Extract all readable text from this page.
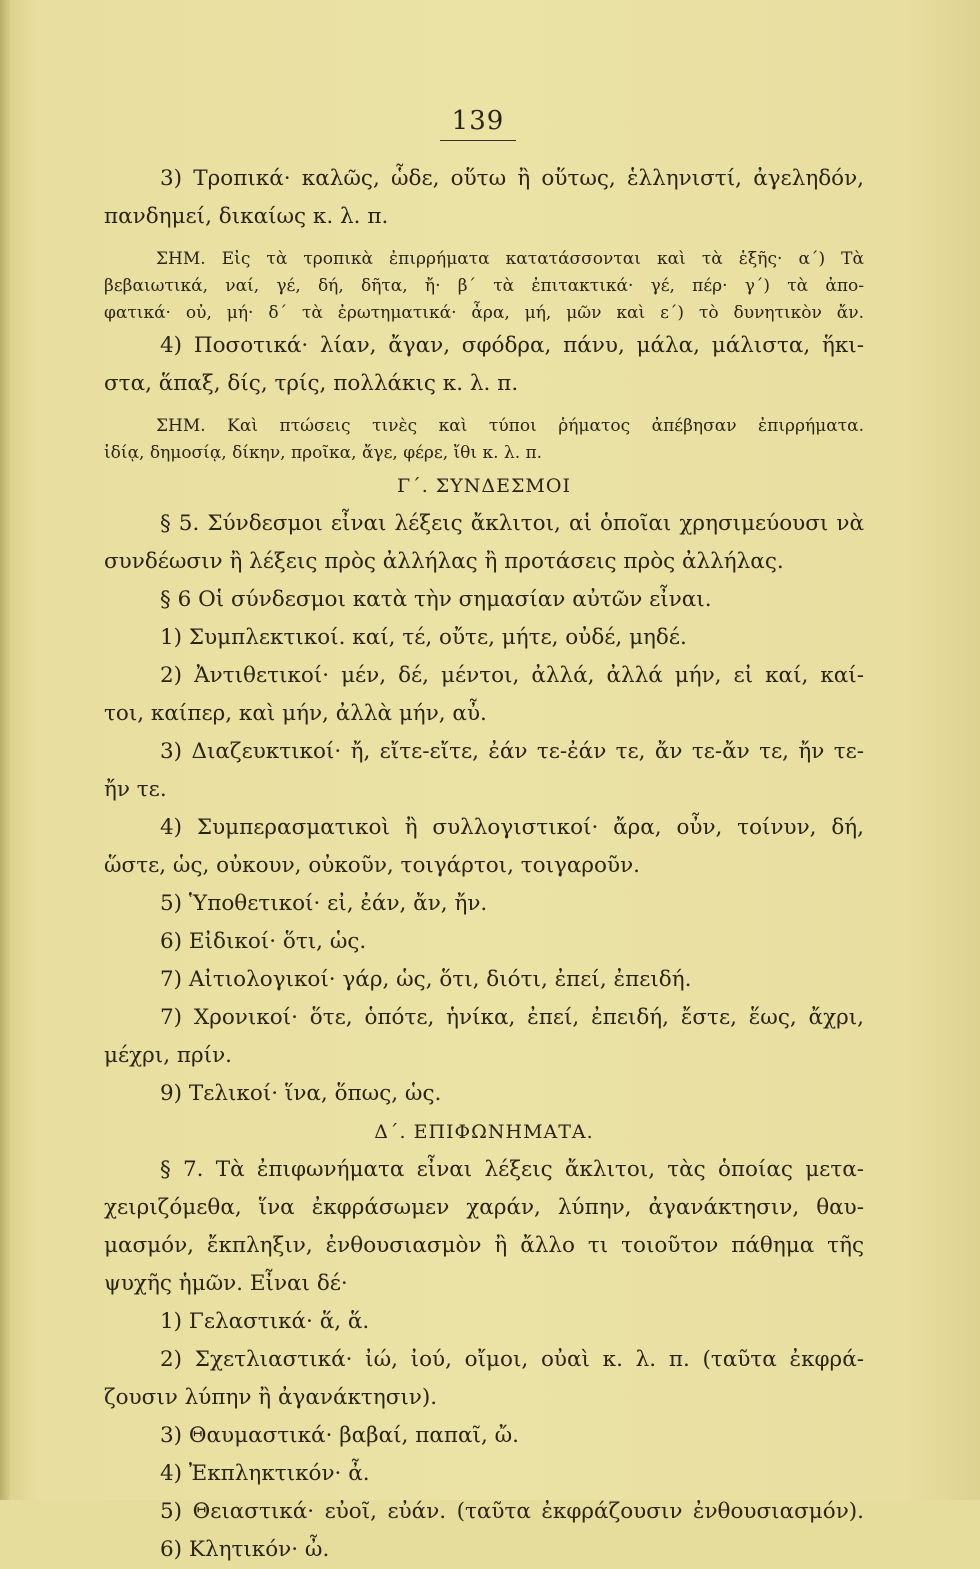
139
3) Τροπικά· καλῶς, ὧδε, οὕτω ἢ οὕτως, ἑλληνιστί, ἀγεληδόν,
πανδημεί, δικαίως κ. λ. π.
ΣΗΜ. Εἰς τὰ τροπικὰ ἐπιρρήματα κατατάσσονται καὶ τὰ ἑξῆς· α΄) Τὰ
βεβαιωτικά, ναί, γέ, δή, δῆτα, ἤ· β΄ τὰ ἐπιτακτικά· γέ, πέρ· γ΄) τὰ ἀπο-
φατικά· οὐ, μή· δ΄ τὰ ἐρωτηματικά· ἆρα, μή, μῶν καὶ ε΄) τὸ δυνητικὸν ἄν.
4) Ποσοτικά· λίαν, ἄγαν, σφόδρα, πάνυ, μάλα, μάλιστα, ἥκι-
στα, ἅπαξ, δίς, τρίς, πολλάκις κ. λ. π.
ΣΗΜ. Καὶ πτώσεις τινὲς καὶ τύποι ῥήματος ἀπέβησαν ἐπιρρήματα.
ἰδίᾳ, δημοσίᾳ, δίκην, προῖκα, ἄγε, φέρε, ἴθι κ. λ. π.
Γ΄. ΣΥΝΔΕΣΜΟΙ
§ 5. Σύνδεσμοι εἶναι λέξεις ἄκλιτοι, αἱ ὁποῖαι χρησιμεύουσι νὰ
συνδέωσιν ἢ λέξεις πρὸς ἀλλήλας ἢ προτάσεις πρὸς ἀλλήλας.
§ 6 Οἱ σύνδεσμοι κατὰ τὴν σημασίαν αὐτῶν εἶναι.
1) Συμπλεκτικοί. καί, τέ, οὔτε, μήτε, οὐδέ, μηδέ.
2) Ἀντιθετικοί· μέν, δέ, μέντοι, ἀλλά, ἀλλά μήν, εἰ καί, καί-
τοι, καίπερ, καὶ μήν, ἀλλὰ μήν, αὖ.
3) Διαζευκτικοί· ἤ, εἴτε-εἴτε, ἐάν τε-ἐάν τε, ἄν τε-ἄν τε, ἤν τε-
ἤν τε.
4) Συμπερασματικοὶ ἢ συλλογιστικοί· ἄρα, οὖν, τοίνυν, δή,
ὥστε, ὡς, οὐκουν, οὐκοῦν, τοιγάρτοι, τοιγαροῦν.
5) Ὑποθετικοί· εἰ, ἐάν, ἄν, ἤν.
6) Εἰδικοί· ὅτι, ὡς.
7) Αἰτιολογικοί· γάρ, ὡς, ὅτι, διότι, ἐπεί, ἐπειδή.
7) Χρονικοί· ὅτε, ὁπότε, ἡνίκα, ἐπεί, ἐπειδή, ἔστε, ἕως, ἄχρι,
μέχρι, πρίν.
9) Τελικοί· ἵνα, ὅπως, ὡς.
Δ΄. ΕΠΙΦΩΝΗΜΑΤΑ.
§ 7. Τὰ ἐπιφωνήματα εἶναι λέξεις ἄκλιτοι, τὰς ὁποίας μετα-
χειριζόμεθα, ἵνα ἐκφράσωμεν χαράν, λύπην, ἀγανάκτησιν, θαυ-
μασμόν, ἔκπληξιν, ἐνθουσιασμὸν ἢ ἄλλο τι τοιοῦτον πάθημα τῆς
ψυχῆς ἡμῶν. Εἶναι δέ·
1) Γελαστικά· ἅ, ἅ.
2) Σχετλιαστικά· ἰώ, ἰού, οἴμοι, οὐαὶ κ. λ. π. (ταῦτα ἐκφρά-
ζουσιν λύπην ἢ ἀγανάκτησιν).
3) Θαυμαστικά· βαβαί, παπαῖ, ὤ.
4) Ἐκπληκτικόν· ἆ.
5) Θειαστικά· εὐοῖ, εὐάν. (ταῦτα ἐκφράζουσιν ἐνθουσιασμόν).
6) Κλητικόν· ὦ.
